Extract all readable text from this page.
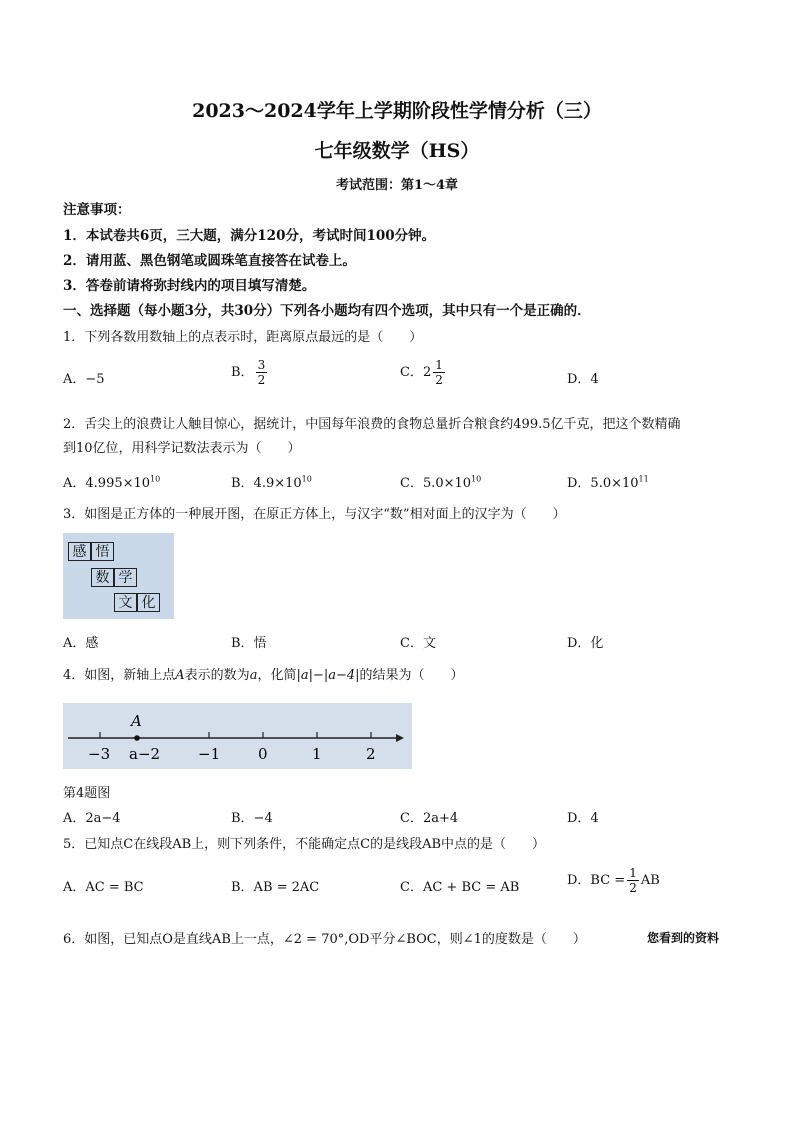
2023～2024学年上学期阶段性学情分析（三）
七年级数学（HS）
考试范围：第1～4章
注意事项：
1．本试卷共6页，三大题，满分120分，考试时间100分钟。
2．请用蓝、黑色钢笔或圆珠笔直接答在试卷上。
3．答卷前请将弥封线内的项目填写清楚。
一、选择题（每小题3分，共30分）下列各小题均有四个选项，其中只有一个是正确的．
1．下列各数用数轴上的点表示时，距离原点最远的是（　　）
A．−5	B． $\frac{3}{2}$	C．$2 \frac{1}{2}$	D．4
2．舌尖上的浪费让人触目惊心，据统计，中国每年浪费的食物总量折合粮食约499.5亿千克，把这个数精确
到10亿位，用科学记数法表示为（　　）
A．$4.995\times 10^{10}$	B．$4.9\times 10^{10}$	C．$5.0\times 10^{10}$	D．$5.0\times 10^{11}$
3．如图是正方体的一种展开图，在原正方体上，与汉字“数”相对面上的汉字为（　　）
感 悟
数 学
文 化
A．感	B．悟	C．文	D．化
4．如图，新轴上点A表示的数为a，化简|a|−|a−4|的结果为（　　）
A
−3 a−2	−1	0	1	2
第4题图
A．2a−4	B．−4	C．2a+4	D．4
5．已知点C在线段AB上，则下列条件，不能确定点C的是线段AB中点的是（　　）
A．AC = BC	B．AB = 2AC	C．AC + BC = AB	D．BC = $\frac{1}{2}$ AB
6．如图，已知点O是直线AB上一点，∠2 = 70°,OD平分∠BOC，则∠1的度数是（　　）	您看到的资料
